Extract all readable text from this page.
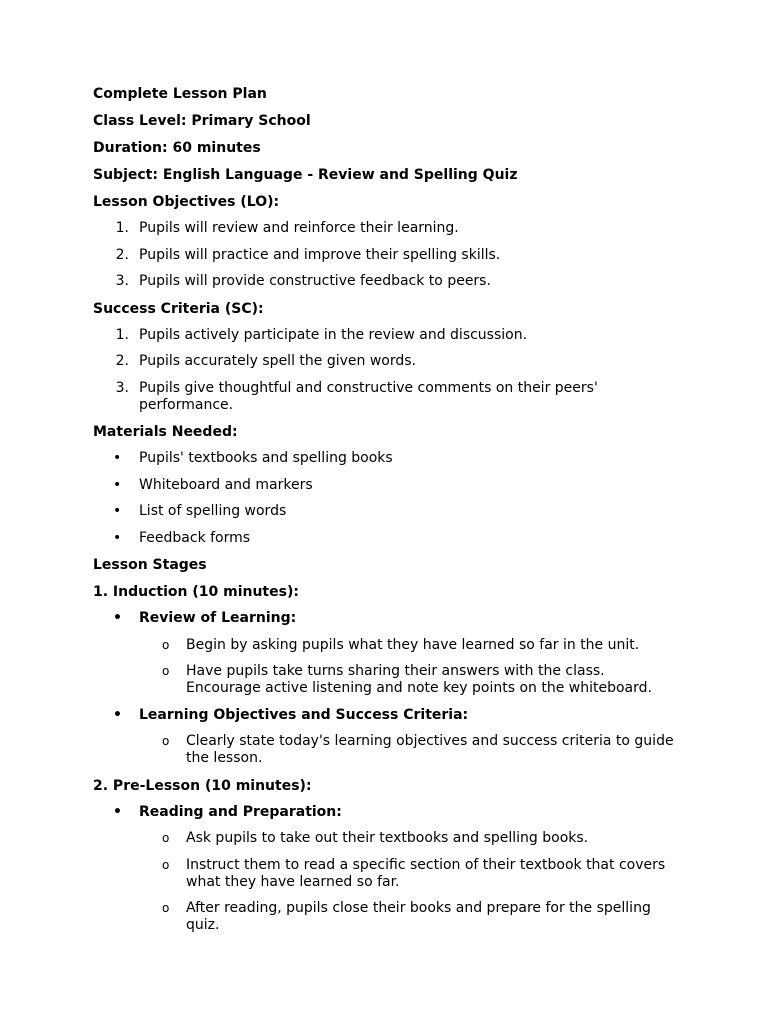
Complete Lesson Plan
Class Level: Primary School
Duration: 60 minutes
Subject: English Language - Review and Spelling Quiz
Lesson Objectives (LO):
1. Pupils will review and reinforce their learning.
2. Pupils will practice and improve their spelling skills.
3. Pupils will provide constructive feedback to peers.
Success Criteria (SC):
1. Pupils actively participate in the review and discussion.
2. Pupils accurately spell the given words.
3. Pupils give thoughtful and constructive comments on their peers' performance.
Materials Needed:
• Pupils' textbooks and spelling books
• Whiteboard and markers
• List of spelling words
• Feedback forms
Lesson Stages
1. Induction (10 minutes):
• Review of Learning:
o Begin by asking pupils what they have learned so far in the unit.
o Have pupils take turns sharing their answers with the class. Encourage active listening and note key points on the whiteboard.
• Learning Objectives and Success Criteria:
o Clearly state today's learning objectives and success criteria to guide the lesson.
2. Pre-Lesson (10 minutes):
• Reading and Preparation:
o Ask pupils to take out their textbooks and spelling books.
o Instruct them to read a specific section of their textbook that covers what they have learned so far.
o After reading, pupils close their books and prepare for the spelling quiz.
